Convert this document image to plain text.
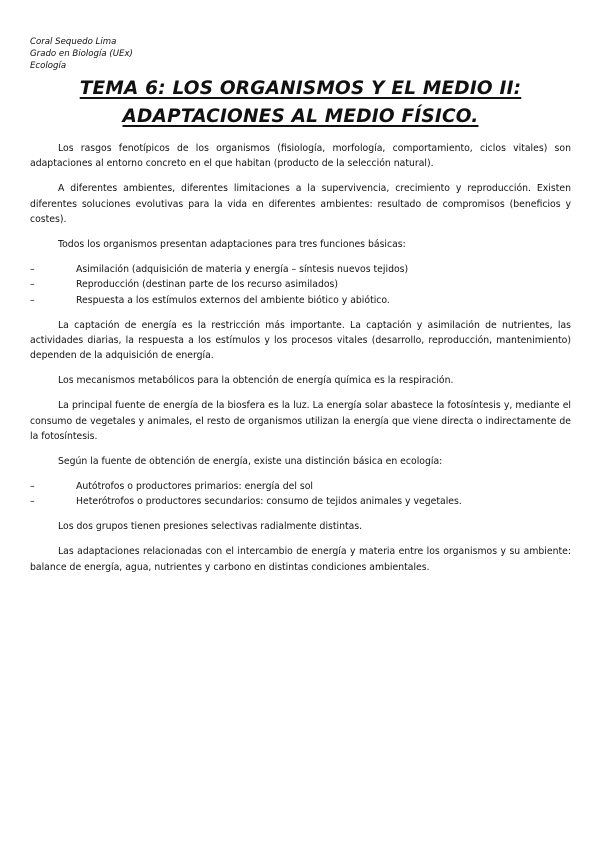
Coral Sequedo Lima
Grado en Biología (UEx)
Ecología
TEMA 6: LOS ORGANISMOS Y EL MEDIO II:
ADAPTACIONES AL MEDIO FÍSICO.

Los rasgos fenotípicos de los organismos (fisiología, morfología, comportamiento, ciclos vitales) son adaptaciones al entorno concreto en el que habitan (producto de la selección natural).

A diferentes ambientes, diferentes limitaciones a la supervivencia, crecimiento y reproducción. Existen diferentes soluciones evolutivas para la vida en diferentes ambientes: resultado de compromisos (beneficios y costes).

Todos los organismos presentan adaptaciones para tres funciones básicas:

–	Asimilación (adquisición de materia y energía – síntesis nuevos tejidos)
–	Reproducción (destinan parte de los recurso asimilados)
–	Respuesta a los estímulos externos del ambiente biótico y abiótico.

La captación de energía es la restricción más importante. La captación y asimilación de nutrientes, las actividades diarias, la respuesta a los estímulos y los procesos vitales (desarrollo, reproducción, mantenimiento) dependen de la adquisición de energía.

Los mecanismos metabólicos para la obtención de energía química es la respiración.

La principal fuente de energía de la biosfera es la luz. La energía solar abastece la fotosíntesis y, mediante el consumo de vegetales y animales, el resto de organismos utilizan la energía que viene directa o indirectamente de la fotosíntesis.

Según la fuente de obtención de energía, existe una distinción básica en ecología:

–	Autótrofos o productores primarios: energía del sol
–	Heterótrofos o productores secundarios: consumo de tejidos animales y vegetales.

Los dos grupos tienen presiones selectivas radialmente distintas.

Las adaptaciones relacionadas con el intercambio de energía y materia entre los organismos y su ambiente: balance de energía, agua, nutrientes y carbono en distintas condiciones ambientales.
